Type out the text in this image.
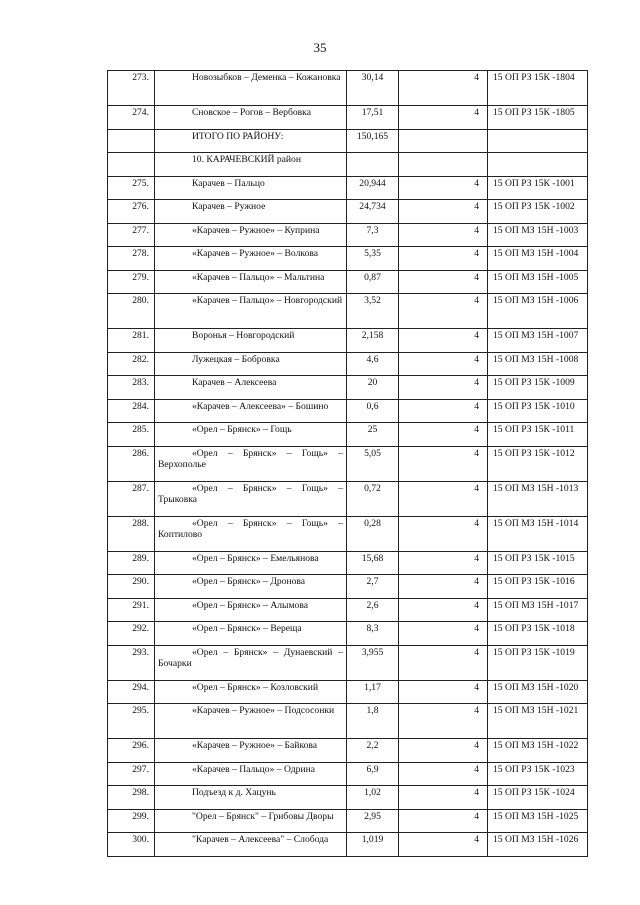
35
273.	Новозыбков – Деменка – Кожановка	30,14	4	15 ОП РЗ 15К -1804
274.	Сновское – Рогов – Вербовка	17,51	4	15 ОП РЗ 15К -1805

	ИТОГО ПО РАЙОНУ:	150,165		

	10. КАРАЧЕВСКИЙ район			

275.	Карачев – Пальцо	20,944	4	15 ОП РЗ 15К -1001
276.	Карачев – Ружное	24,734	4	15 ОП РЗ 15К -1002
277.	«Карачев – Ружное» – Куприна	7,3	4	15 ОП МЗ 15Н -1003
278.	«Карачев – Ружное» – Волкова	5,35	4	15 ОП МЗ 15Н -1004
279.	«Карачев – Пальцо» – Мальтина	0,87	4	15 ОП МЗ 15Н -1005
280.	«Карачев – Пальцо» – Новгородский	3,52	4	15 ОП МЗ 15Н -1006
281.	Воронья – Новгородский	2,158	4	15 ОП МЗ 15Н -1007
282.	Лужецкая – Бобровка	4,6	4	15 ОП МЗ 15Н -1008
283.	Карачев – Алексеева	20	4	15 ОП РЗ 15К -1009
284.	«Карачев – Алексеева» – Бошино	0,6	4	15 ОП РЗ 15К -1010
285.	«Орел – Брянск» – Гощь	25	4	15 ОП РЗ 15К -1011
286.	«Орел – Брянск» – Гощь» – Верхополье	5,05	4	15 ОП РЗ 15К -1012
287.	«Орел – Брянск» – Гощь» – Трыковка	0,72	4	15 ОП МЗ 15Н -1013
288.	«Орел – Брянск» – Гощь» – Коптилово	0,28	4	15 ОП МЗ 15Н -1014
289.	«Орел – Брянск» – Емельянова	15,68	4	15 ОП РЗ 15К -1015
290.	«Орел – Брянск» – Дронова	2,7	4	15 ОП РЗ 15К -1016
291.	«Орел – Брянск» – Алымова	2,6	4	15 ОП МЗ 15Н -1017
292.	«Орел – Брянск» – Вереща	8,3	4	15 ОП РЗ 15К -1018
293.	«Орел – Брянск» – Дунаевский – Бочарки	3,955	4	15 ОП РЗ 15К -1019
294.	«Орел – Брянск» – Козловский	1,17	4	15 ОП МЗ 15Н -1020
295.	«Карачев – Ружное» – Подсосонки	1,8	4	15 ОП МЗ 15Н -1021
296.	«Карачев – Ружное» – Байкова	2,2	4	15 ОП МЗ 15Н -1022
297.	«Карачев – Пальцо» – Одрина	6,9	4	15 ОП РЗ 15К -1023
298.	Подъезд к д. Хацунь	1,02	4	15 ОП РЗ 15К -1024
299.	"Орел – Брянск" – Грибовы Дворы	2,95	4	15 ОП МЗ 15Н -1025
300.	"Карачев – Алексеева" – Слобода	1,019	4	15 ОП МЗ 15Н -1026
